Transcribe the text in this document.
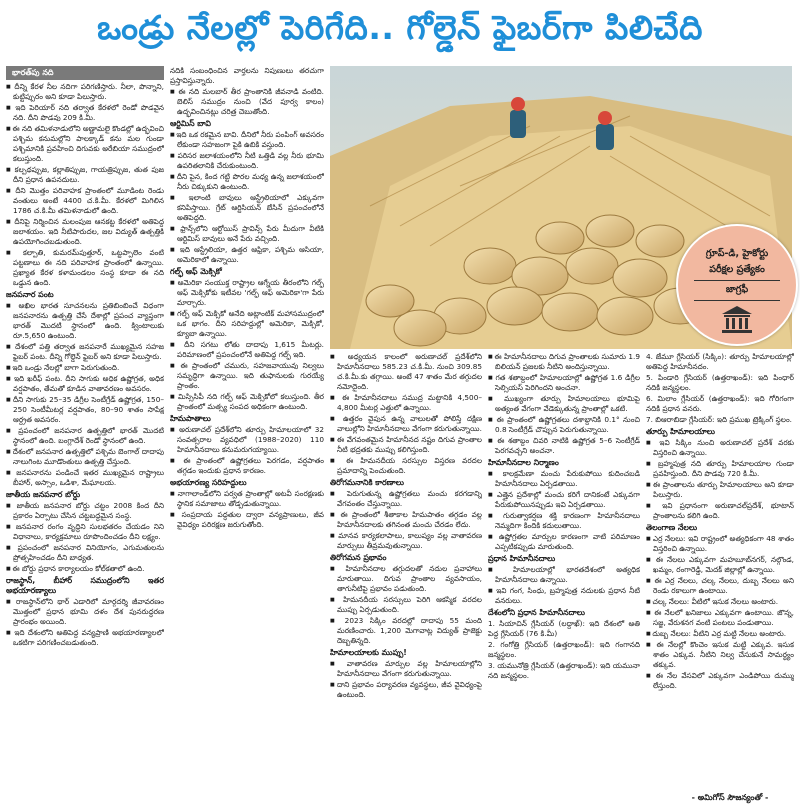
ఒండ్రు నేలల్లో పెరిగేది.. గోల్డెన్ ఫైబర్‌గా పిలిచేది
భారత్‌పు నది

■ దీన్ని కేరళ నీల నదిగా పరిగణిస్తారు. నీలా, పొన్నాని, కుట్టిప్పురం అని కూడా పిలుస్తారు.

■ ఇది పెరియార్ నది తర్వాత కేరళలో రెండో పొడవైన నది. దీని పొడవు 209 కి.మీ.

■ ఈ నది తమిళనాడులోని అణ్ణామలై కొండల్లో ఉద్భవించి పశ్చిమ కనుమల్లోని పాలక్కాడ్ కను మల గుండా పశ్చిమానికి ప్రవహించి దిగువకు అరేబియా సముద్రంలో కలుస్తుంది.

■ కల్పథప్పుజ, కల్లాతిప్పుజ, గాయత్రిప్పుజ, తుత పుజ దీని ప్రధాన ఉపనదులు.

■ దీని మొత్తం పరివాహక ప్రాంతంలో మూడింట రెండు వంతులు అంటే 4400 చ.కి.మీ. కేరళలో మిగిలిన 1786 చ.కి.మీ తమిళనాడులో ఉంది.

■ దీనిపై నిర్మించిన మలంపుజ ఆనకట్ట కేరళలో అతిపెద్ద జలాశయం. ఇది నీటిపారుదల, జల విద్యుత్ ఉత్పత్తికి ఉపయోగించబడుతుంది.

■ కల్పాతి, కుమరమ్‌పుత్తూర్, ఒట్టప్పాలెం వంటి పట్టణాలు ఈ నది పరివాహక ప్రాంతంలో ఉన్నాయి. ప్రఖ్యాత కేరళ కళామండలం సంస్థ కూడా ఈ నది ఒడ్డున ఉంది.

జనపనార పంట

■ అఖిల భారత సూచనలను ప్రతిబింబించే విధంగా జనపనారను ఉత్పత్తి చేసే దేశాల్లో ప్రపంచ వ్యాప్తంగా భారత్ మొదటి స్థానంలో ఉంది. క్వింటాలుకు రూ.5,650 ఉంటుంది.

■ దేశంలో పత్తి తర్వాత జనపనారే ముఖ్యమైన సహజ ఫైబర్ పంట. దీన్ని గోల్డెన్ ఫైబర్ అని కూడా పిలుస్తారు.

■ ఇది ఒండ్రు నేలల్లో బాగా పెరుగుతుంది.

■ ఇది ఖరీఫ్ పంట. దీని సాగుకు అధిక ఉష్ణోగ్రత, అధిక వర్షపాతం, తేమతో కూడిన వాతావరణం అవసరం.

■ దీని సాగుకు 25–35 డిగ్రీల సెంటీగ్రేడ్ ఉష్ణోగ్రత, 150–250 సెంటీమీటర్ల వర్షపాతం, 80–90 శాతం సాపేక్ష ఆర్ద్రత అవసరం.

■ ప్రపంచంలో జనపనార ఉత్పత్తిలో భారత్ మొదటి స్థానంలో ఉంది. బంగ్లాదేశ్ రెండో స్థానంలో ఉంది.

■ దేశంలో జనపనార ఉత్పత్తిలో పశ్చిమ బెంగాల్ దాదాపు నాలుగింట మూడొంతులు ఉత్పత్తి చేస్తుంది.

■ జనపనారను పండించే ఇతర ముఖ్యమైన రాష్ట్రాలు బీహార్, అస్సాం, ఒడిశా, మేఘాలయ.

జాతీయ జనపనార బోర్డు

■ జాతీయ జనపనార బోర్డు చట్టం 2008 కింద దీని ప్రకారం ఏర్పాటు చేసిన చట్టబద్ధమైన సంస్థ.

■ జనపనార రంగం వృద్ధిని సులభతరం చేయడం నిని విధానాలు, కార్యక్రమాలు రూపొందించడం దీని లక్ష్యం.

■ ప్రపంచంలో జనపనార వినియోగం, ఎగుమతులను ప్రోత్సహించడం దీని బాధ్యత.

■ ఈ బోర్డు ప్రధాన కార్యాలయం కోల్‌కతాలో ఉంది.

రాజస్థాన్, బీహార్ సముద్రంలోని ఇతర అభయారణ్యాలు

■ రాజస్థాన్‌లోని థార్ ఎడారిలో మార్గదర్శి జీవావరణం మొత్తంలో ప్రధాన భూమి దళం దేశ పునరుద్ధరణ ప్రారంభం అయింది.

■ ఇది దేశంలోని అతిపెద్ద వన్యప్రాణి అభయారణ్యాలలో ఒకటిగా పరిగణించబడుతుంది.

నదికి సంబంధించిన వార్తలను నిపుణులు తరచుగా ప్రస్తావిస్తున్నారు.

■ ఈ నది మలబార్ తీర ప్రాంతానికి జీవనాడి వంటిది. బెలిస్ సముద్రం నుంచి (వేద పూర్వ కాలం) ఉద్భవించినట్లు చరిత్ర చెబుతోంది.

ఆర్టిమిస్ బావి

■ ఇది ఒక రకమైన బావి. దీనిలో నీరు పంపింగ్ అవసరం లేకుండా సహజంగా పైకి ఉబికి వస్తుంది.

■ పరిసర జలాశయంలోని నీటి ఒత్తిడి వల్ల నీరు భూమి ఉపరితలానికి చేరుకుంటుంది.

■ దీని పైన, కింద గట్టి పొరల మధ్య ఉన్న జలాశయంలో నీరు చిక్కుకుని ఉంటుంది.

■ ఇలాంటి బావులు ఆస్ట్రేలియాలో ఎక్కువగా కనిపిస్తాయి. గ్రేట్ ఆర్టిసియన్ బేసిన్ ప్రపంచంలోనే అతిపెద్దది.

■ ఫ్రాన్స్‌లోని ఆర్టోయిస్ ప్రావిన్స్ పేరు మీదుగా వీటికి ఆర్టిమిస్ బావులు అనే పేరు వచ్చింది.

■ ఇది ఆస్ట్రేలియా, ఉత్తర ఆఫ్రికా, పశ్చిమ ఆసియా, అమెరికాలో ఉన్నాయి.

గల్ఫ్ ఆఫ్ మెక్సికో

■ అమెరికా సంయుక్త రాష్ట్రాల ఆగ్నేయ తీరంలోని గల్ఫ్ ఆఫ్ మెక్సికోకు ఇటీవల 'గల్ఫ్ ఆఫ్ అమెరికా'గా పేరు మార్చారు.

■ గల్ఫ్ ఆఫ్ మెక్సికో అనేది అట్లాంటిక్ మహాసముద్రంలో ఒక భాగం. దీని సరిహద్దుల్లో అమెరికా, మెక్సికో, క్యూబా ఉన్నాయి.

■ దీని సగటు లోతు దాదాపు 1,615 మీటర్లు. పరిమాణంలో ప్రపంచంలోనే అతిపెద్ద గల్ఫ్ ఇది.

■ ఈ ప్రాంతంలో చమురు, సహజవాయువు నిల్వలు సమృద్ధిగా ఉన్నాయి. ఇది తుఫానులకు గురయ్యే ప్రాంతం.

■ మిస్సిసిపీ నది గల్ఫ్ ఆఫ్ మెక్సికోలో కలుస్తుంది. తీర ప్రాంతంలో మత్స్య సంపద అధికంగా ఉంటుంది.

హిమపాతాలు

■ అరుణాచల్ ప్రదేశ్‌లోని తూర్పు హిమాలయాలో 32 సంవత్సరాల వ్యవధిలో (1988–2020) 110 హిమానీనదాలు కనుమరుగయ్యాయి.

■ ఈ ప్రాంతంలో ఉష్ణోగ్రతలు పెరగడం, వర్షపాతం తగ్గడం ఇందుకు ప్రధాన కారణం.

అభయారణ్య సరిహద్దులు

■ నాగాలాండ్‌లోని పర్వత ప్రాంతాల్లో అటవీ సంరక్షణకు స్థానిక సమాజాలు తోడ్పడుతున్నాయి.

■ సంప్రదాయ పద్ధతుల ద్వారా వన్యప్రాణులు, జీవ వైవిధ్యం పరిరక్షణ జరుగుతోంది.

గ్రూప్-డి, హైకోర్టు
పరీక్షల ప్రత్యేకం
జాగ్రఫీ

■ అధ్యయన కాలంలో అరుణాచల్ ప్రదేశ్‌లోని హిమానీనదాలు 585.23 చ.కి.మీ. నుంచి 309.85 చ.కి.మీ.కు తగ్గాయి. అంటే 47 శాతం మేర తగ్గుదల నమోదైంది.

■ ఈ హిమానీనదాలు సముద్ర మట్టానికి 4,500–4,800 మీటర్ల ఎత్తులో ఉన్నాయి.

■ ఉత్తరం వైపున ఉన్న వాలులతో పోలిస్తే దక్షిణ వాలుల్లోని హిమానీనదాలు వేగంగా కరుగుతున్నాయి.

■ ఈ వేగవంతమైన హిమానీనద నష్టం దిగువ ప్రాంతాల నీటి భద్రతకు ముప్పు కలిగిస్తుంది.

■ ఈ హిమనదీయ సరస్సుల విస్తరణ వరదల ప్రమాదాన్ని పెంచుతుంది.

తిరోగమనానికి కారణాలు

■ పెరుగుతున్న ఉష్ణోగ్రతలు మంచు కరగడాన్ని వేగవంతం చేస్తున్నాయి.

■ ఈ ప్రాంతంలో శీతాకాల హిమపాతం తగ్గడం వల్ల హిమానీనదాలకు తగినంత మంచు చేరడం లేదు.

■ మానవ కార్యకలాపాలు, కాలుష్యం వల్ల వాతావరణ మార్పులు తీవ్రమవుతున్నాయి.

తిరోగమన ప్రభావం

■ హిమానీనదాల తగ్గుదలతో నదుల ప్రవాహాలు మారుతాయి. దిగువ ప్రాంతాల వ్యవసాయం, తాగునీటిపై ప్రభావం పడుతుంది.

■ హిమనదీయ సరస్సులు పెరిగి ఆకస్మిక వరదల ముప్పు ఏర్పడుతుంది.

■ 2023 సిక్కిం వరదల్లో దాదాపు 55 మంది మరణించారు. 1,200 మెగావాట్ల విద్యుత్ ప్రాజెక్టు దెబ్బతిన్నది.

హిమాలయాలకు ముప్పు!

■ వాతావరణ మార్పుల వల్ల హిమాలయాల్లోని హిమానీనదాలు వేగంగా కరుగుతున్నాయి.

■ దాని ప్రభావం పర్యావరణ వ్యవస్థలు, జీవ వైవిధ్యంపై ఉంటుంది.

■ ఈ హిమానీనదాలు దిగువ ప్రాంతాలకు సుమారు 1.9 బిలియన్ ప్రజలకు నీటిని అందిస్తున్నాయి.

■ గత శతాబ్దంలో హిమాలయాల్లో ఉష్ణోగ్రత 1.6 డిగ్రీల సెల్సియస్ పెరిగిందని అంచనా.

■ ముఖ్యంగా తూర్పు హిమాలయాలు భూమిపై అత్యంత వేగంగా వేడెక్కుతున్న ప్రాంతాల్లో ఒకటి.

■ ఈ ప్రాంతంలో ఉష్ణోగ్రతలు దశాబ్దానికి 0.1° నుంచి 0.8 సెంటీగ్రేడ్ చొప్పున పెరుగుతున్నాయి.

■ ఈ శతాబ్దం చివరి నాటికి ఉష్ణోగ్రత 5–6 సెంటీగ్రేడ్ పెరగవచ్చని అంచనా.

హిమానీనదాల నిర్మాణం

■ కాలక్రమేణా మంచు పేరుకుపోయి కుదించబడి హిమానీనదాలు ఏర్పడతాయి.

■ ఎత్తైన ప్రదేశాల్లో మంచు కరిగే దానికంటే ఎక్కువగా పేరుకుపోయినప్పుడు ఇవి ఏర్పడతాయి.

■ గురుత్వాకర్షణ శక్తి కారణంగా హిమానీనదాలు నెమ్మదిగా కిందికి కదులుతాయి.

■ ఉష్ణోగ్రతల మార్పుల కారణంగా వాటి పరిమాణం ఎప్పటికప్పుడు మారుతుంది.

ప్రధాన హిమానీనదాలు

■ హిమాలయాల్లో భారతదేశంలో అత్యధిక హిమానీనదాలు ఉన్నాయి.

■ ఇవి గంగ, సింధు, బ్రహ్మపుత్ర నదులకు ప్రధాన నీటి వనరులు.

దేశంలోని ప్రధాన హిమానీనదాలు

1. సియాచిన్ గ్లేసియర్ (లద్దాఖ్): ఇది దేశంలో అతి పెద్ద గ్లేసియర్ (76 కి.మీ)

2. గంగోత్రి గ్లేసియర్ (ఉత్తరాఖండ్): ఇది గంగానది జన్మస్థలం.

3. యమునోత్రి గ్లేసియర్ (ఉత్తరాఖండ్): ఇది యమునా నది జన్మస్థలం.

4. జేమూ గ్లేసియర్ (సిక్కిం): తూర్పు హిమాలయాల్లో అతిపెద్ద హిమానీనదం.

5. పిండారి గ్లేసియర్ (ఉత్తరాఖండ్): ఇది పింధార్ నదికి జన్మస్థలం.

6. మిలాం గ్లేసియర్ (ఉత్తరాఖండ్): ఇది గోరిగంగా నదికి ప్రధాన వనరు.

7. బిఆరాబిడా గ్లేసియర్: ఇది ప్రముఖ ట్రెక్కింగ్ స్థలం.

తూర్పు హిమాలయాలు

■ ఇవి సిక్కిం నుంచి అరుణాచల్ ప్రదేశ్ వరకు విస్తరించి ఉన్నాయి.

■ బ్రహ్మపుత్ర నది తూర్పు హిమాలయాల గుండా ప్రవహిస్తుంది. దీని పొడవు 720 కి.మీ.

■ ఈ ప్రాంతాలను తూర్పు హిమాలయాలు అని కూడా పిలుస్తారు.

■ ఇవి ప్రధానంగా అరుణాచల్‌ప్రదేశ్, భూటాన్ ప్రాంతాలను కలిగి ఉంది.

తెలంగాణ నేలలు

■ ఎర్ర నేలలు: ఇవి రాష్ట్రంలో అత్యధికంగా 48 శాతం విస్తరించి ఉన్నాయి.

■ ఈ నేలలు ఎక్కువగా మహబూబ్‌నగర్, నల్గొండ, ఖమ్మం, రంగారెడ్డి, మెదక్ జిల్లాల్లో ఉన్నాయి.

■ ఈ ఎర్ర నేలలు, చల్క నేలలు, దుబ్బ నేలలు అని రెండు రకాలుగా ఉంటాయి.

■ చల్క నేలలు: వీటిలో ఇసుక నేలలు అంటారు.

■ ఈ నేలలో ఖనిజాలు ఎక్కువగా ఉంటాయి. జొన్న, సజ్జ, వేరుశనగ వంటి పంటలు పండుతాయి.

■ దుబ్బ నేలలు: వీటిని ఎర్ర మట్టి నేలలు అంటారు.

■ ఈ నేలల్లో కొంచెం ఇసుక మట్టి ఎక్కువ. ఇసుక శాతం ఎక్కువ. నీటిని నిల్వ చేసుకునే సామర్థ్యం తక్కువ.

■ ఈ నేల వేసవిలో ఎక్కువగా ఎండిపోయి దుమ్ము లేస్తుంది.

- అమిగోస్ సౌజన్యంతో -
